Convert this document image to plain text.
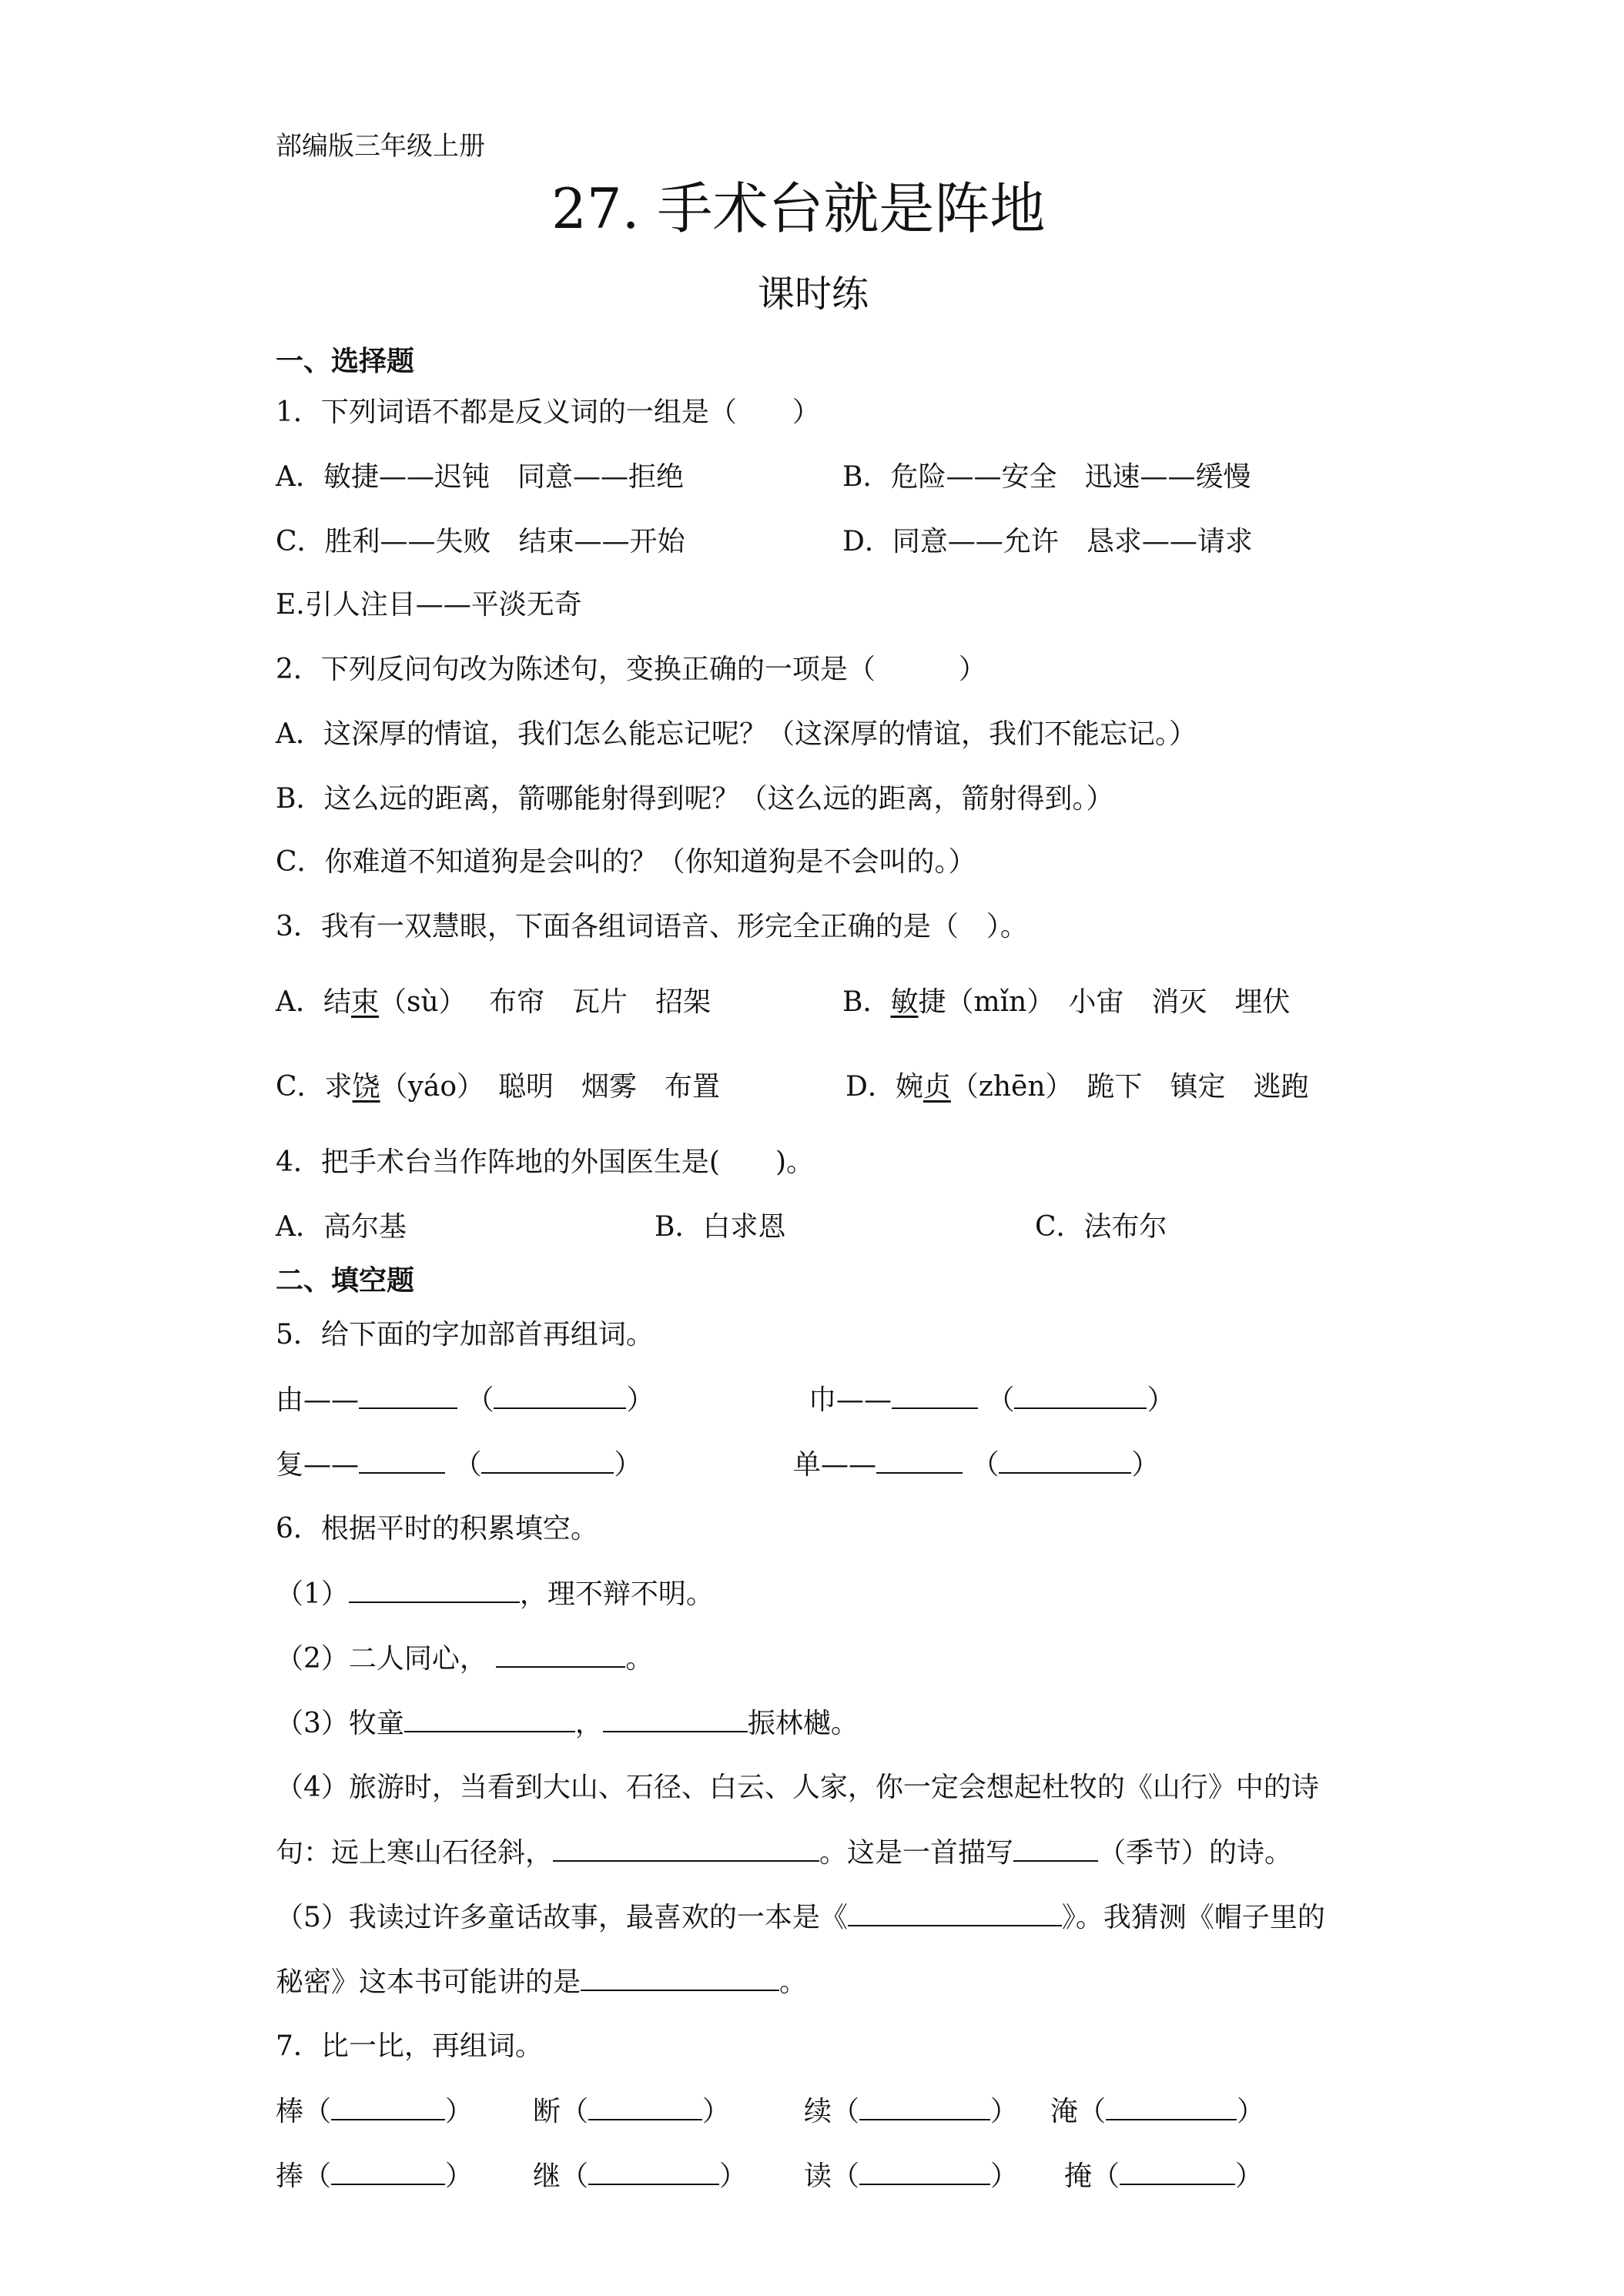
部编版三年级上册
27. 手术台就是阵地
课时练
一、选择题
1．下列词语不都是反义词的一组是（　　）
A．敏捷——迟钝　同意——拒绝	B．危险——安全　迅速——缓慢
C．胜利——失败　结束——开始	D．同意——允许　恳求——请求
E.引人注目——平淡无奇
2．下列反问句改为陈述句，变换正确的一项是（　　　）
A．这深厚的情谊，我们怎么能忘记呢？（这深厚的情谊，我们不能忘记。）
B．这么远的距离，箭哪能射得到呢？（这么远的距离，箭射得到。）
C．你难道不知道狗是会叫的？（你知道狗是不会叫的。）
3．我有一双慧眼，下面各组词语音、形完全正确的是（　）。
A．结束（sù）　 布帘　瓦片　招架	B．敏捷（mǐn）　小宙　消灭　埋伏
C．求饶（yáo）　聪明　烟雾　布置	D．婉贞（zhēn）　跪下　镇定　逃跑
4．把手术台当作阵地的外国医生是(　　)。
A．高尔基	B．白求恩	C．法布尔
二、填空题
5．给下面的字加部首再组词。
由——	（	）	巾——	（	）
复——	（	）	单——	（	）
6．根据平时的积累填空。
（1）	，理不辩不明。
（2）二人同心，	。
（3）牧童	，	振林樾。
（4）旅游时，当看到大山、石径、白云、人家，你一定会想起杜牧的《山行》中的诗
句：远上寒山石径斜，	。这是一首描写	（季节）的诗。
（5）我读过许多童话故事，最喜欢的一本是《	》。我猜测《帽子里的
秘密》这本书可能讲的是	。
7．比一比，再组词。
棒（	） 断（	）	续（	） 淹（	）
捧（	） 继（	） 读（	） 掩（	）
